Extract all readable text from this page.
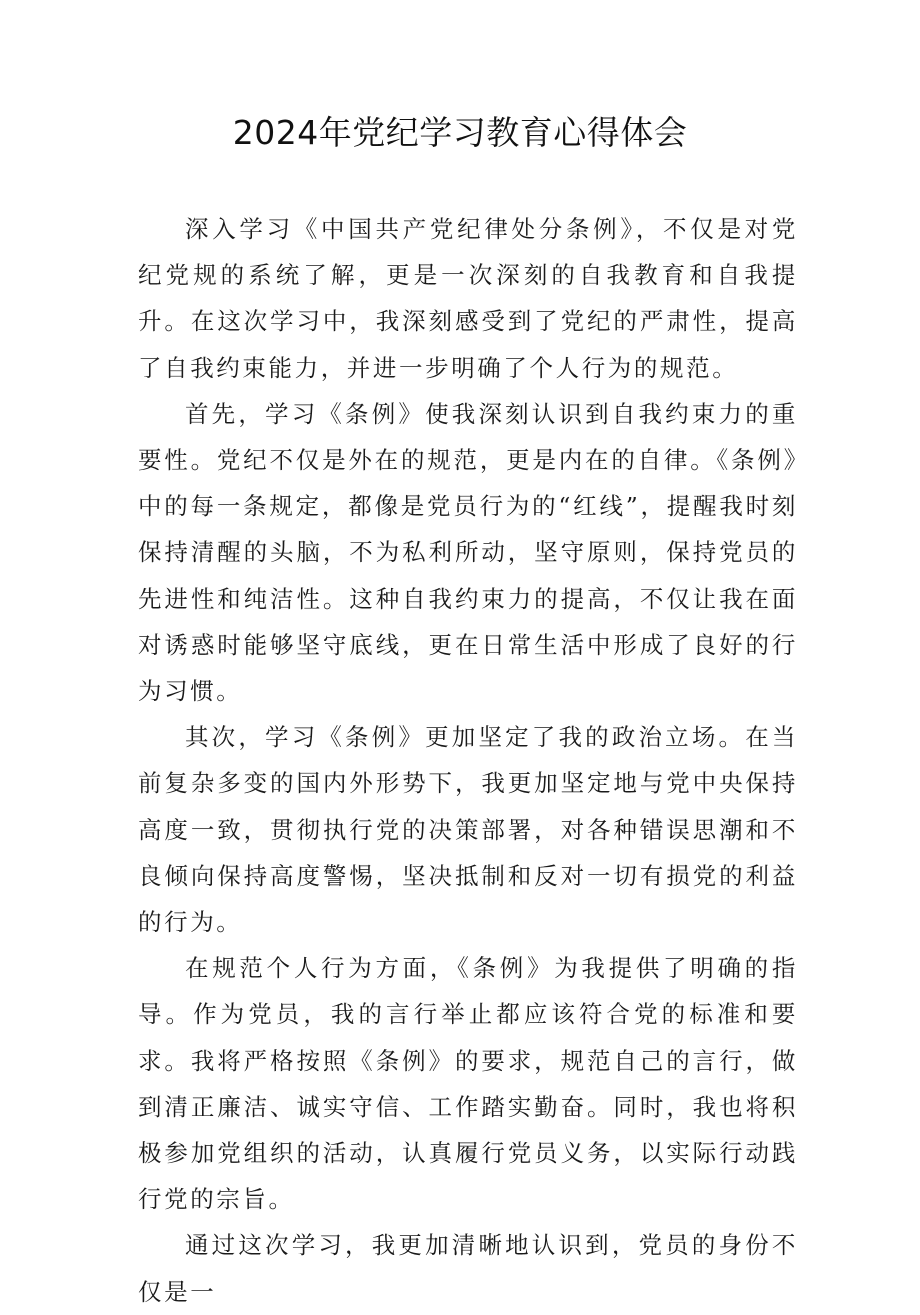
2024年党纪学习教育心得体会

深入学习《中国共产党纪律处分条例》，不仅是对党纪党规的系统了解，更是一次深刻的自我教育和自我提升。在这次学习中，我深刻感受到了党纪的严肃性，提高了自我约束能力，并进一步明确了个人行为的规范。

首先，学习《条例》使我深刻认识到自我约束力的重要性。党纪不仅是外在的规范，更是内在的自律。《条例》中的每一条规定，都像是党员行为的“红线”，提醒我时刻保持清醒的头脑，不为私利所动，坚守原则，保持党员的先进性和纯洁性。这种自我约束力的提高，不仅让我在面对诱惑时能够坚守底线，更在日常生活中形成了良好的行为习惯。

其次，学习《条例》更加坚定了我的政治立场。在当前复杂多变的国内外形势下，我更加坚定地与党中央保持高度一致，贯彻执行党的决策部署，对各种错误思潮和不良倾向保持高度警惕，坚决抵制和反对一切有损党的利益的行为。

在规范个人行为方面，《条例》为我提供了明确的指导。作为党员，我的言行举止都应该符合党的标准和要求。我将严格按照《条例》的要求，规范自己的言行，做到清正廉洁、诚实守信、工作踏实勤奋。同时，我也将积极参加党组织的活动，认真履行党员义务，以实际行动践行党的宗旨。

通过这次学习，我更加清晰地认识到，党员的身份不仅是一
